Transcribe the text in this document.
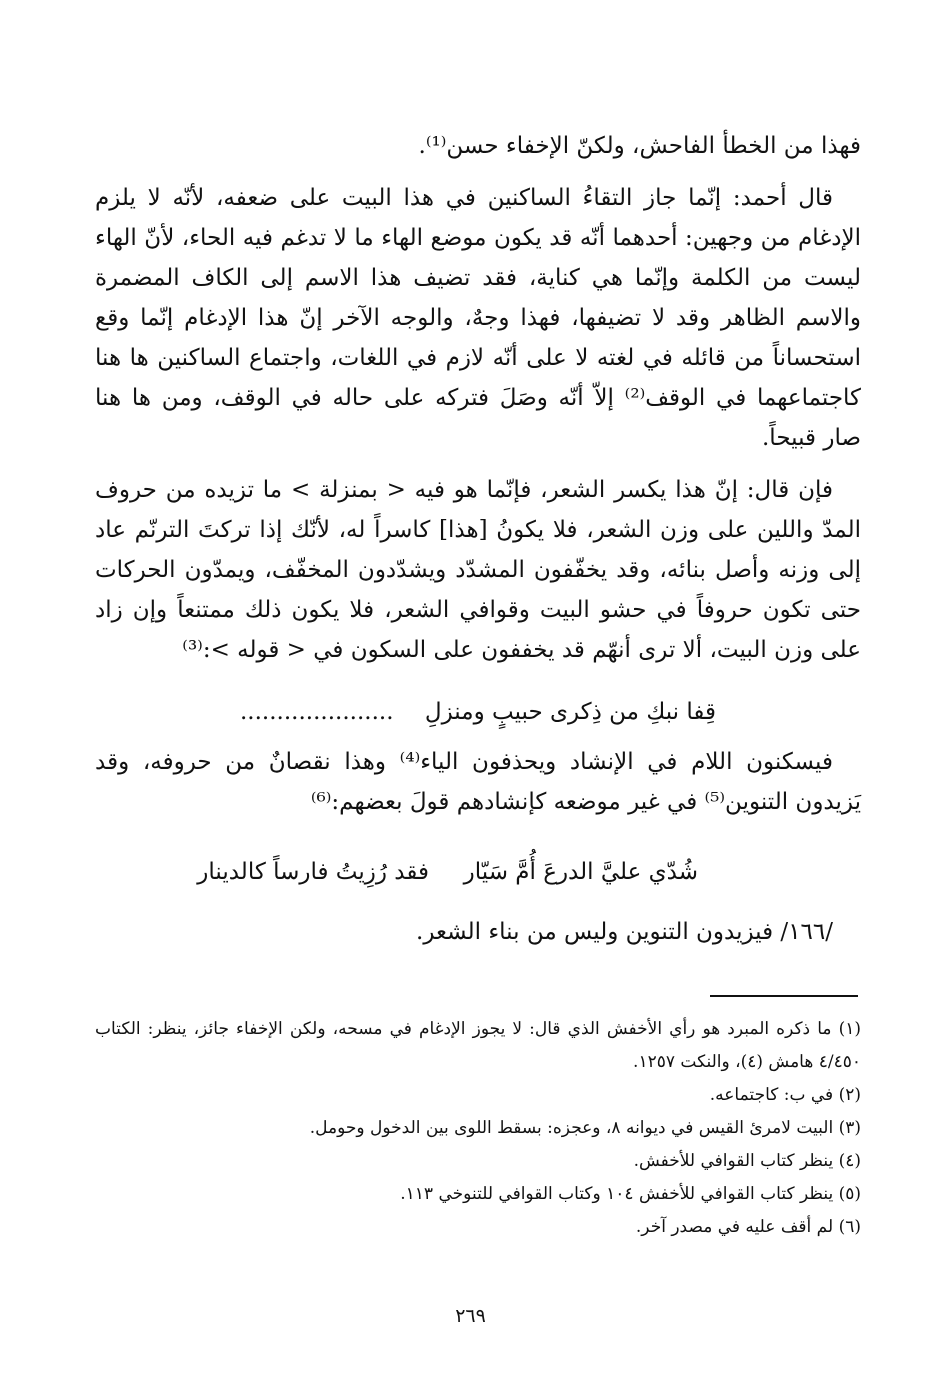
فهذا من الخطأ الفاحش، ولكنّ الإخفاء حسن⁽¹⁾.

قال أحمد: إنّما جاز التقاءُ الساكنين في هذا البيت على ضعفه، لأنّه لا يلزم الإدغام من وجهين: أحدهما أنّه قد يكون موضع الهاء ما لا تدغم فيه الحاء، لأنّ الهاء ليست من الكلمة وإنّما هي كناية، فقد تضيف هذا الاسم إلى الكاف المضمرة والاسم الظاهر وقد لا تضيفها، فهذا وجهٌ، والوجه الآخر إنّ هذا الإدغام إنّما وقع استحساناً من قائله في لغته لا على أنّه لازم في اللغات، واجتماع الساكنين ها هنا كاجتماعهما في الوقف⁽²⁾ إلاّ أنّه وصَلَ فتركه على حاله في الوقف، ومن ها هنا صار قبيحاً.

فإن قال: إنّ هذا يكسر الشعر، فإنّما هو فيه < بمنزلة > ما تزيده من حروف المدّ واللين على وزن الشعر، فلا يكونُ [هذا] كاسراً له، لأنّك إذا تركتَ الترنّم عاد إلى وزنه وأصل بنائه، وقد يخفّفون المشدّد ويشدّدون المخفّف، ويمدّون الحركات حتى تكون حروفاً في حشو البيت وقوافي الشعر، فلا يكون ذلك ممتنعاً وإن زاد على وزن البيت، ألا ترى أنهّم قد يخففون على السكون في < قوله >:⁽³⁾

قِفا نبكِ من ذِكرى حبيبٍ ومنزلِ
.....................

فيسكنون اللام في الإنشاد ويحذفون الياء⁽⁴⁾ وهذا نقصانٌ من حروفه، وقد يَزيدون التنوين⁽⁵⁾ في غير موضعه كإنشادهم قولَ بعضهم:⁽⁶⁾

شُدّي عليَّ الدرعَ أُمَّ سَيّار
فقد رُزِيتُ فارساً كالدينار

/١٦٦/ فيزيدون التنوين وليس من بناء الشعر.

(١) ما ذكره المبرد هو رأي الأخفش الذي قال: لا يجوز الإدغام في مسحه، ولكن الإخفاء جائز، ينظر: الكتاب ٤/٤٥٠ هامش (٤)، والنكت ١٢٥٧.

(٢) في ب: كاجتماعه.

(٣) البيت لامرئ القيس في ديوانه ٨، وعجزه: بسقط اللوى بين الدخول وحومل.

(٤) ينظر كتاب القوافي للأخفش.

(٥) ينظر كتاب القوافي للأخفش ١٠٤ وكتاب القوافي للتنوخي ١١٣.

(٦) لم أقف عليه في مصدر آخر.

٢٦٩
